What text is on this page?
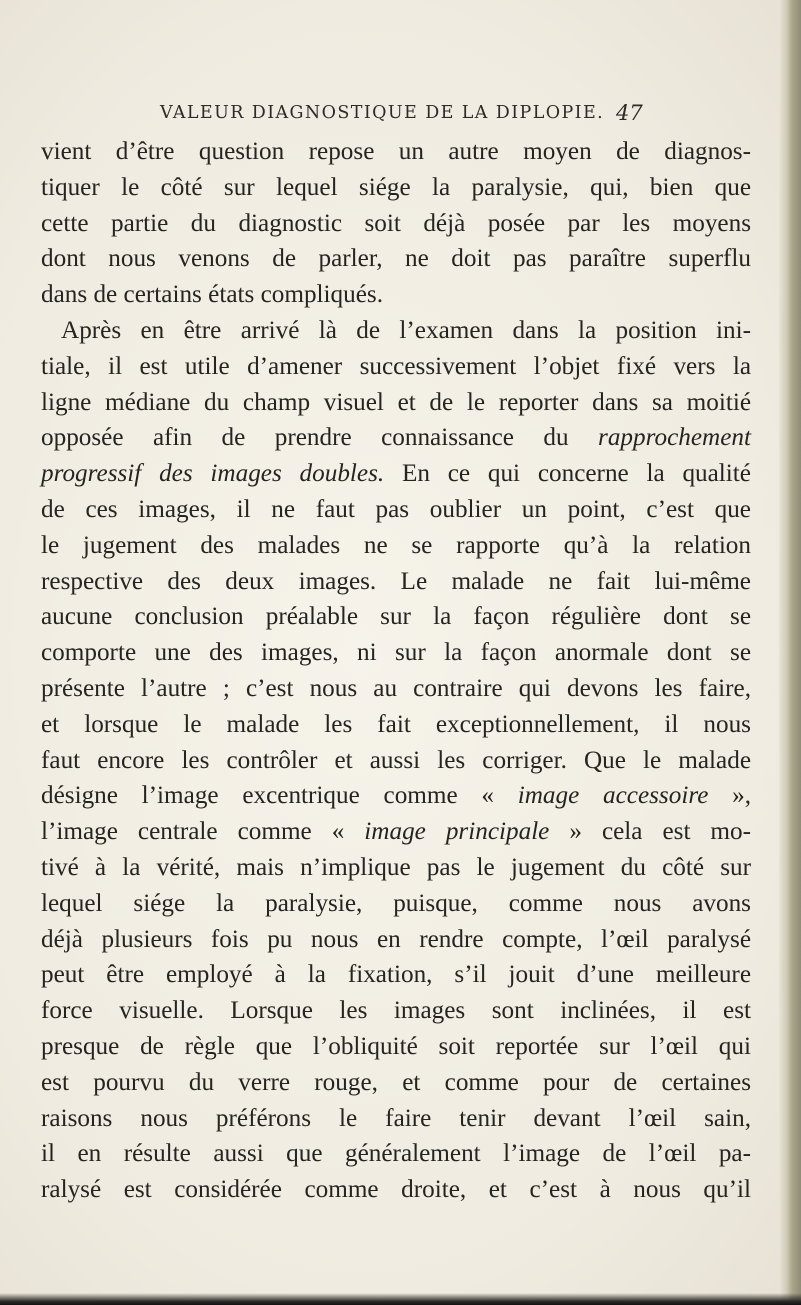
VALEUR DIAGNOSTIQUE DE LA DIPLOPIE. 47
vient d’être question repose un autre moyen de diagnos-
tiquer le côté sur lequel siége la paralysie, qui, bien que
cette partie du diagnostic soit déjà posée par les moyens
dont nous venons de parler, ne doit pas paraître superflu
dans de certains états compliqués.
Après en être arrivé là de l’examen dans la position ini-
tiale, il est utile d’amener successivement l’objet fixé vers la
ligne médiane du champ visuel et de le reporter dans sa moitié
opposée afin de prendre connaissance du rapprochement
progressif des images doubles. En ce qui concerne la qualité
de ces images, il ne faut pas oublier un point, c’est que
le jugement des malades ne se rapporte qu’à la relation
respective des deux images. Le malade ne fait lui-même
aucune conclusion préalable sur la façon régulière dont se
comporte une des images, ni sur la façon anormale dont se
présente l’autre ; c’est nous au contraire qui devons les faire,
et lorsque le malade les fait exceptionnellement, il nous
faut encore les contrôler et aussi les corriger. Que le malade
désigne l’image excentrique comme « image accessoire »,
l’image centrale comme « image principale » cela est mo-
tivé à la vérité, mais n’implique pas le jugement du côté sur
lequel siége la paralysie, puisque, comme nous avons
déjà plusieurs fois pu nous en rendre compte, l’œil paralysé
peut être employé à la fixation, s’il jouit d’une meilleure
force visuelle. Lorsque les images sont inclinées, il est
presque de règle que l’obliquité soit reportée sur l’œil qui
est pourvu du verre rouge, et comme pour de certaines
raisons nous préférons le faire tenir devant l’œil sain,
il en résulte aussi que généralement l’image de l’œil pa-
ralysé est considérée comme droite, et c’est à nous qu’il
